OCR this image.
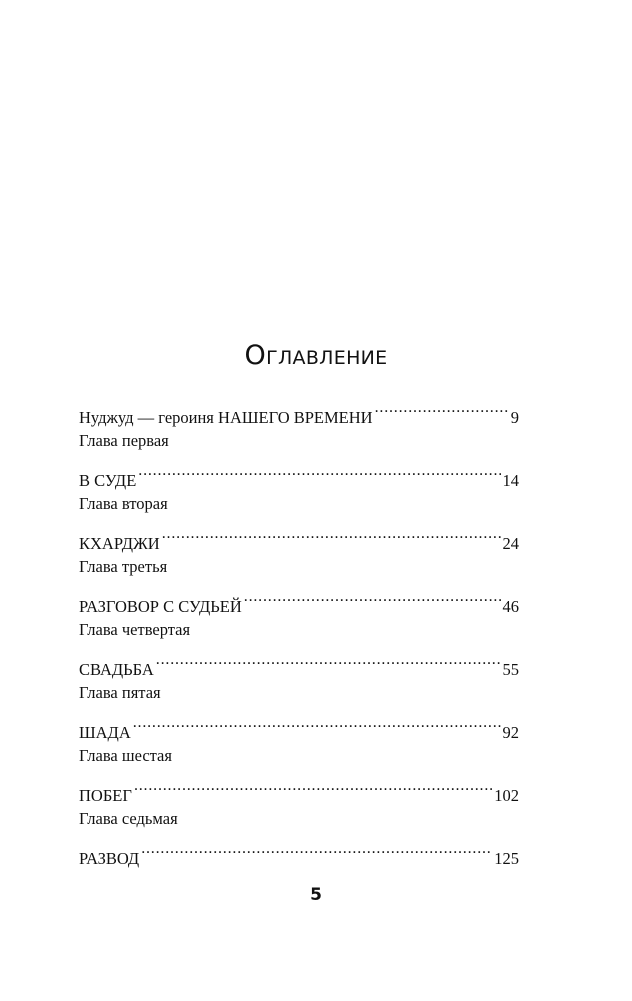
Оглавление
Нуджуд — героиня НАШЕГО ВРЕМЕНИ . . .	9
Глава первая
В СУДЕ . . .	14
Глава вторая
КХАРДЖИ . . .	24
Глава третья
РАЗГОВОР С СУДЬЕЙ . . .	46
Глава четвертая
СВАДЬБА . . .	55
Глава пятая
ШАДА . . .	92
Глава шестая
ПОБЕГ . . .	102
Глава седьмая
РАЗВОД . . .	125
5
